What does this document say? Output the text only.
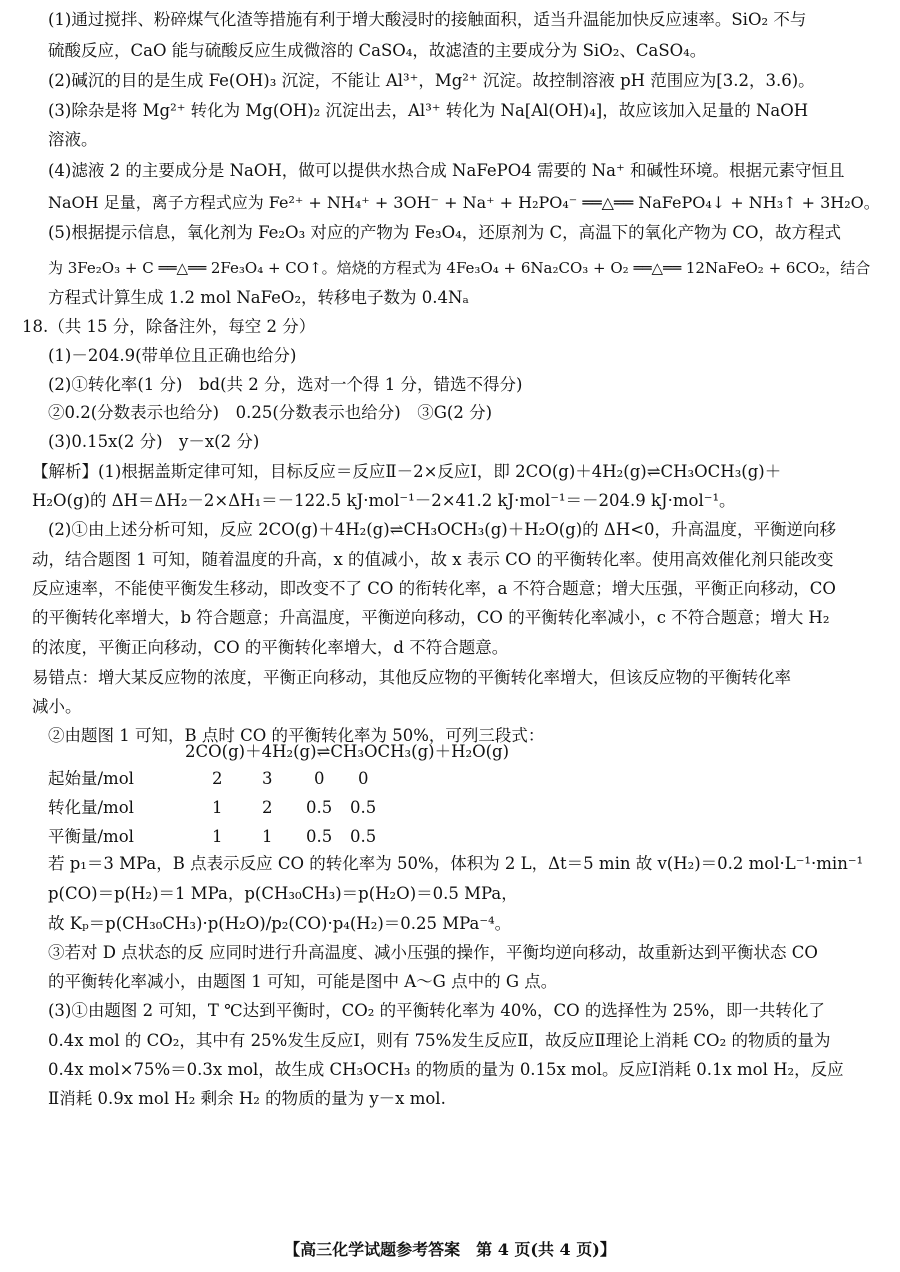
(1)通过搅拌、粉碎煤气化渣等措施有利于增大酸浸时的接触面积，适当升温能加快反应速率。SiO₂ 不与
硫酸反应，CaO 能与硫酸反应生成微溶的 CaSO₄，故滤渣的主要成分为 SiO₂、CaSO₄。
(2)碱沉的目的是生成 Fe(OH)₃ 沉淀，不能让 Al³⁺，Mg²⁺ 沉淀。故控制溶液 pH 范围应为[3.2，3.6)。
(3)除杂是将 Mg²⁺ 转化为 Mg(OH)₂ 沉淀出去，Al³⁺ 转化为 Na[Al(OH)₄]，故应该加入足量的 NaOH
溶液。
(4)滤液 2 的主要成分是 NaOH，做可以提供水热合成 NaFePO4 需要的 Na⁺ 和碱性环境。根据元素守恒且
NaOH 足量，离子方程式应为 Fe²⁺ + NH₄⁺ + 3OH⁻ + Na⁺ + H₂PO₄⁻ ══△══ NaFePO₄↓ + NH₃↑ + 3H₂O。
(5)根据提示信息，氧化剂为 Fe₂O₃ 对应的产物为 Fe₃O₄，还原剂为 C，高温下的氧化产物为 CO，故方程式
为 3Fe₂O₃ + C ══△══ 2Fe₃O₄ + CO↑。焙烧的方程式为 4Fe₃O₄ + 6Na₂CO₃ + O₂ ══△══ 12NaFeO₂ + 6CO₂，结合
方程式计算生成 1.2 mol NaFeO₂，转移电子数为 0.4Nₐ
18.（共 15 分，除备注外，每空 2 分）
(1)－204.9(带单位且正确也给分)
(2)①转化率(1 分)　bd(共 2 分，选对一个得 1 分，错选不得分)
②0.2(分数表示也给分)　0.25(分数表示也给分)　③G(2 分)
(3)0.15x(2 分)　y－x(2 分)
【解析】(1)根据盖斯定律可知，目标反应＝反应Ⅱ－2×反应Ⅰ，即 2CO(g)＋4H₂(g)⇌CH₃OCH₃(g)＋
H₂O(g)的 ΔH＝ΔH₂－2×ΔH₁＝－122.5 kJ·mol⁻¹－2×41.2 kJ·mol⁻¹＝－204.9 kJ·mol⁻¹。
(2)①由上述分析可知，反应 2CO(g)＋4H₂(g)⇌CH₃OCH₃(g)＋H₂O(g)的 ΔH<0，升高温度，平衡逆向移
动，结合题图 1 可知，随着温度的升高，x 的值减小，故 x 表示 CO 的平衡转化率。使用高效催化剂只能改变
反应速率，不能使平衡发生移动，即改变不了 CO 的衔转化率，a 不符合题意；增大压强，平衡正向移动，CO
的平衡转化率增大，b 符合题意；升高温度，平衡逆向移动，CO 的平衡转化率减小，c 不符合题意；增大 H₂
的浓度，平衡正向移动，CO 的平衡转化率增大，d 不符合题意。
易错点：增大某反应物的浓度，平衡正向移动，其他反应物的平衡转化率增大，但该反应物的平衡转化率
减小。
②由题图 1 可知，B 点时 CO 的平衡转化率为 50%，可列三段式：
2CO(g)＋4H₂(g)⇌CH₃OCH₃(g)＋H₂O(g)
起始量/mol	2 3	0 0
转化量/mol	1 2 0.5 0.5
平衡量/mol	1 1 0.5 0.5
若 p₁＝3 MPa，B 点表示反应 CO 的转化率为 50%，体积为 2 L，Δt＝5 min 故 v(H₂)＝0.2 mol·L⁻¹·min⁻¹
p(CO)＝p(H₂)＝1 MPa，p(CH₃₀CH₃)＝p(H₂O)＝0.5 MPa，
故 Kₚ＝p(CH₃₀CH₃)·p(H₂O)/p₂(CO)·p₄(H₂)＝0.25 MPa⁻⁴。
③若对 D 点状态的反 应同时进行升高温度、减小压强的操作，平衡均逆向移动，故重新达到平衡状态 CO
的平衡转化率减小，由题图 1 可知，可能是图中 A～G 点中的 G 点。
(3)①由题图 2 可知，T ℃达到平衡时，CO₂ 的平衡转化率为 40%，CO 的选择性为 25%，即一共转化了
0.4x mol 的 CO₂，其中有 25%发生反应Ⅰ，则有 75%发生反应Ⅱ，故反应Ⅱ理论上消耗 CO₂ 的物质的量为
0.4x mol×75%＝0.3x mol，故生成 CH₃OCH₃ 的物质的量为 0.15x mol。反应Ⅰ消耗 0.1x mol H₂，反应
Ⅱ消耗 0.9x mol H₂ 剩余 H₂ 的物质的量为 y－x mol.
【高三化学试题参考答案　第 4 页(共 4 页)】
